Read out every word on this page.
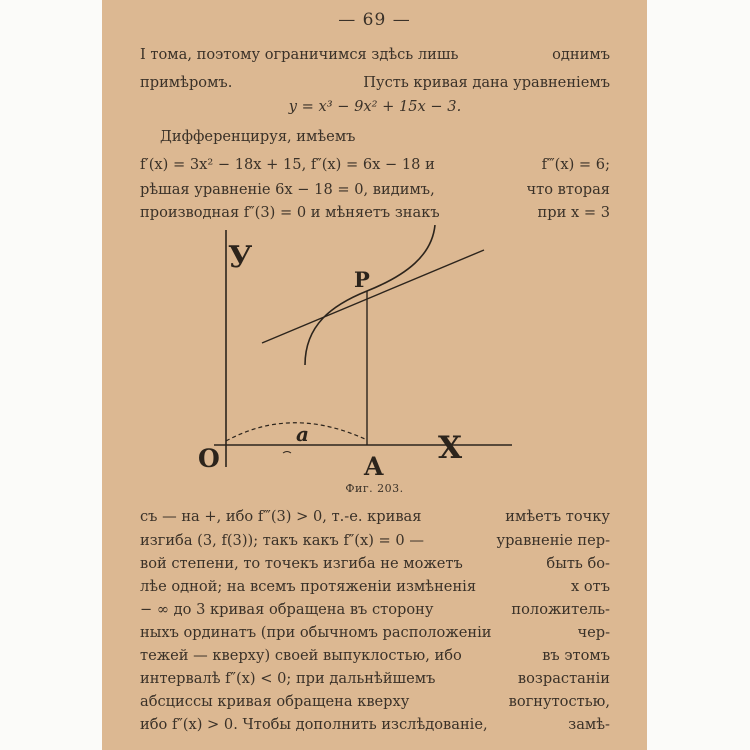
— 69 —
I тома, поэтому ограничимся здѣсь лишь	однимъ
примѣромъ.	Пусть кривая дана уравненіемъ
y = x³ − 9x² + 15x − 3.
Дифференцируя, имѣемъ
f′(x) = 3x² − 18x + 15, f″(x) = 6x − 18 и	f‴(x) = 6;
рѣшая уравненіе 6x − 18 = 0, видимъ,	что вторая
производная f″(3) = 0 и мѣняетъ знакъ	при x = 3
У
P
O
a
A
X
Фиг. 203.
съ — на +, ибо f‴(3) > 0, т.-е. кривая	имѣетъ точку
изгиба (3, f(3)); такъ какъ f″(x) = 0 —	уравненіе пер-
вой степени, то точекъ изгиба не можетъ	быть бо-
лѣе одной; на всемъ протяженіи измѣненія	x отъ
− ∞ до 3 кривая обращена въ сторону	положитель-
ныхъ ординатъ (при обычномъ расположеніи	чер-
тежей — кверху) своей выпуклостью, ибо	въ этомъ
интервалѣ f″(x) < 0; при дальнѣйшемъ	возрастаніи
абсциссы кривая обращена кверху	вогнутостью,
ибо f″(x) > 0. Чтобы дополнить изслѣдованіе,	замѣ-
